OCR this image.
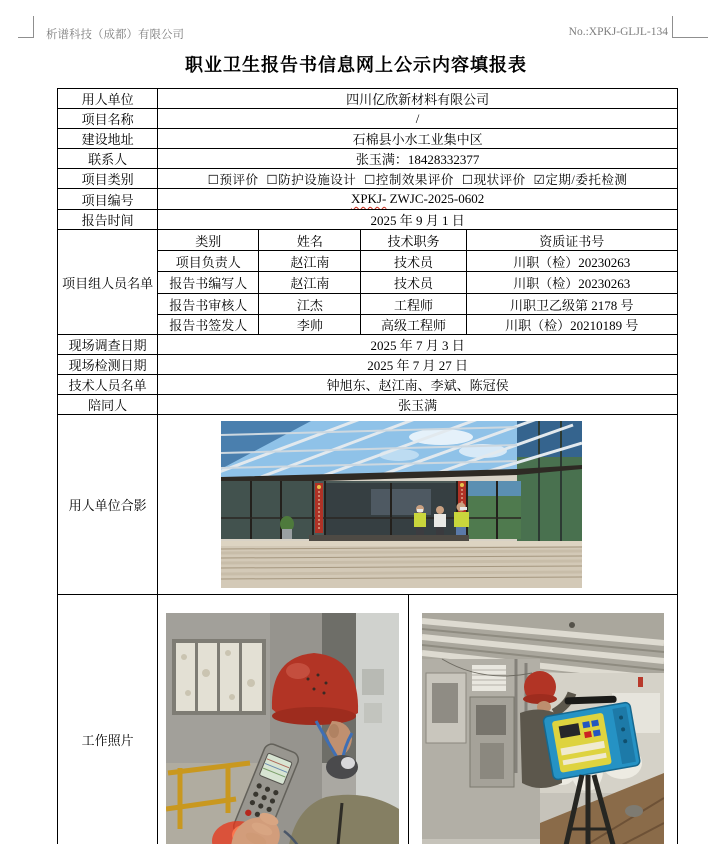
析谱科技（成都）有限公司	No.:XPKJ-GLJL-134
职业卫生报告书信息网上公示内容填报表
用人单位	四川亿欣新材料有限公司				
项目名称	/				
建设地址	石棉县小水工业集中区				
联系人	张玉满：18428332377				
项目类别	☐预评价 ☐防护设施设计 ☐控制效果评价 ☐现状评价 ☑定期/委托检测				
项目编号	XPKJ- ZWJC-2025-0602				
报告时间	2025 年 9 月 1 日				
项目组人员名单	类别	姓名	技术职务		资质证书号
	项目负责人	赵江南	技术员		川职（检）20230263
	报告书编写人	赵江南	技术员		川职（检）20230263
	报告书审核人	江杰	工程师		川职卫乙级第 2178 号
	报告书签发人	李帅	高级工程师		川职（检）20210189 号
现场调查日期	2025 年 7 月 3 日				
现场检测日期	2025 年 7 月 27 日				
技术人员名单	钟旭东、赵江南、李斌、陈冠侯				
陪同人	张玉满				
用人单位合影	

工作照片	
